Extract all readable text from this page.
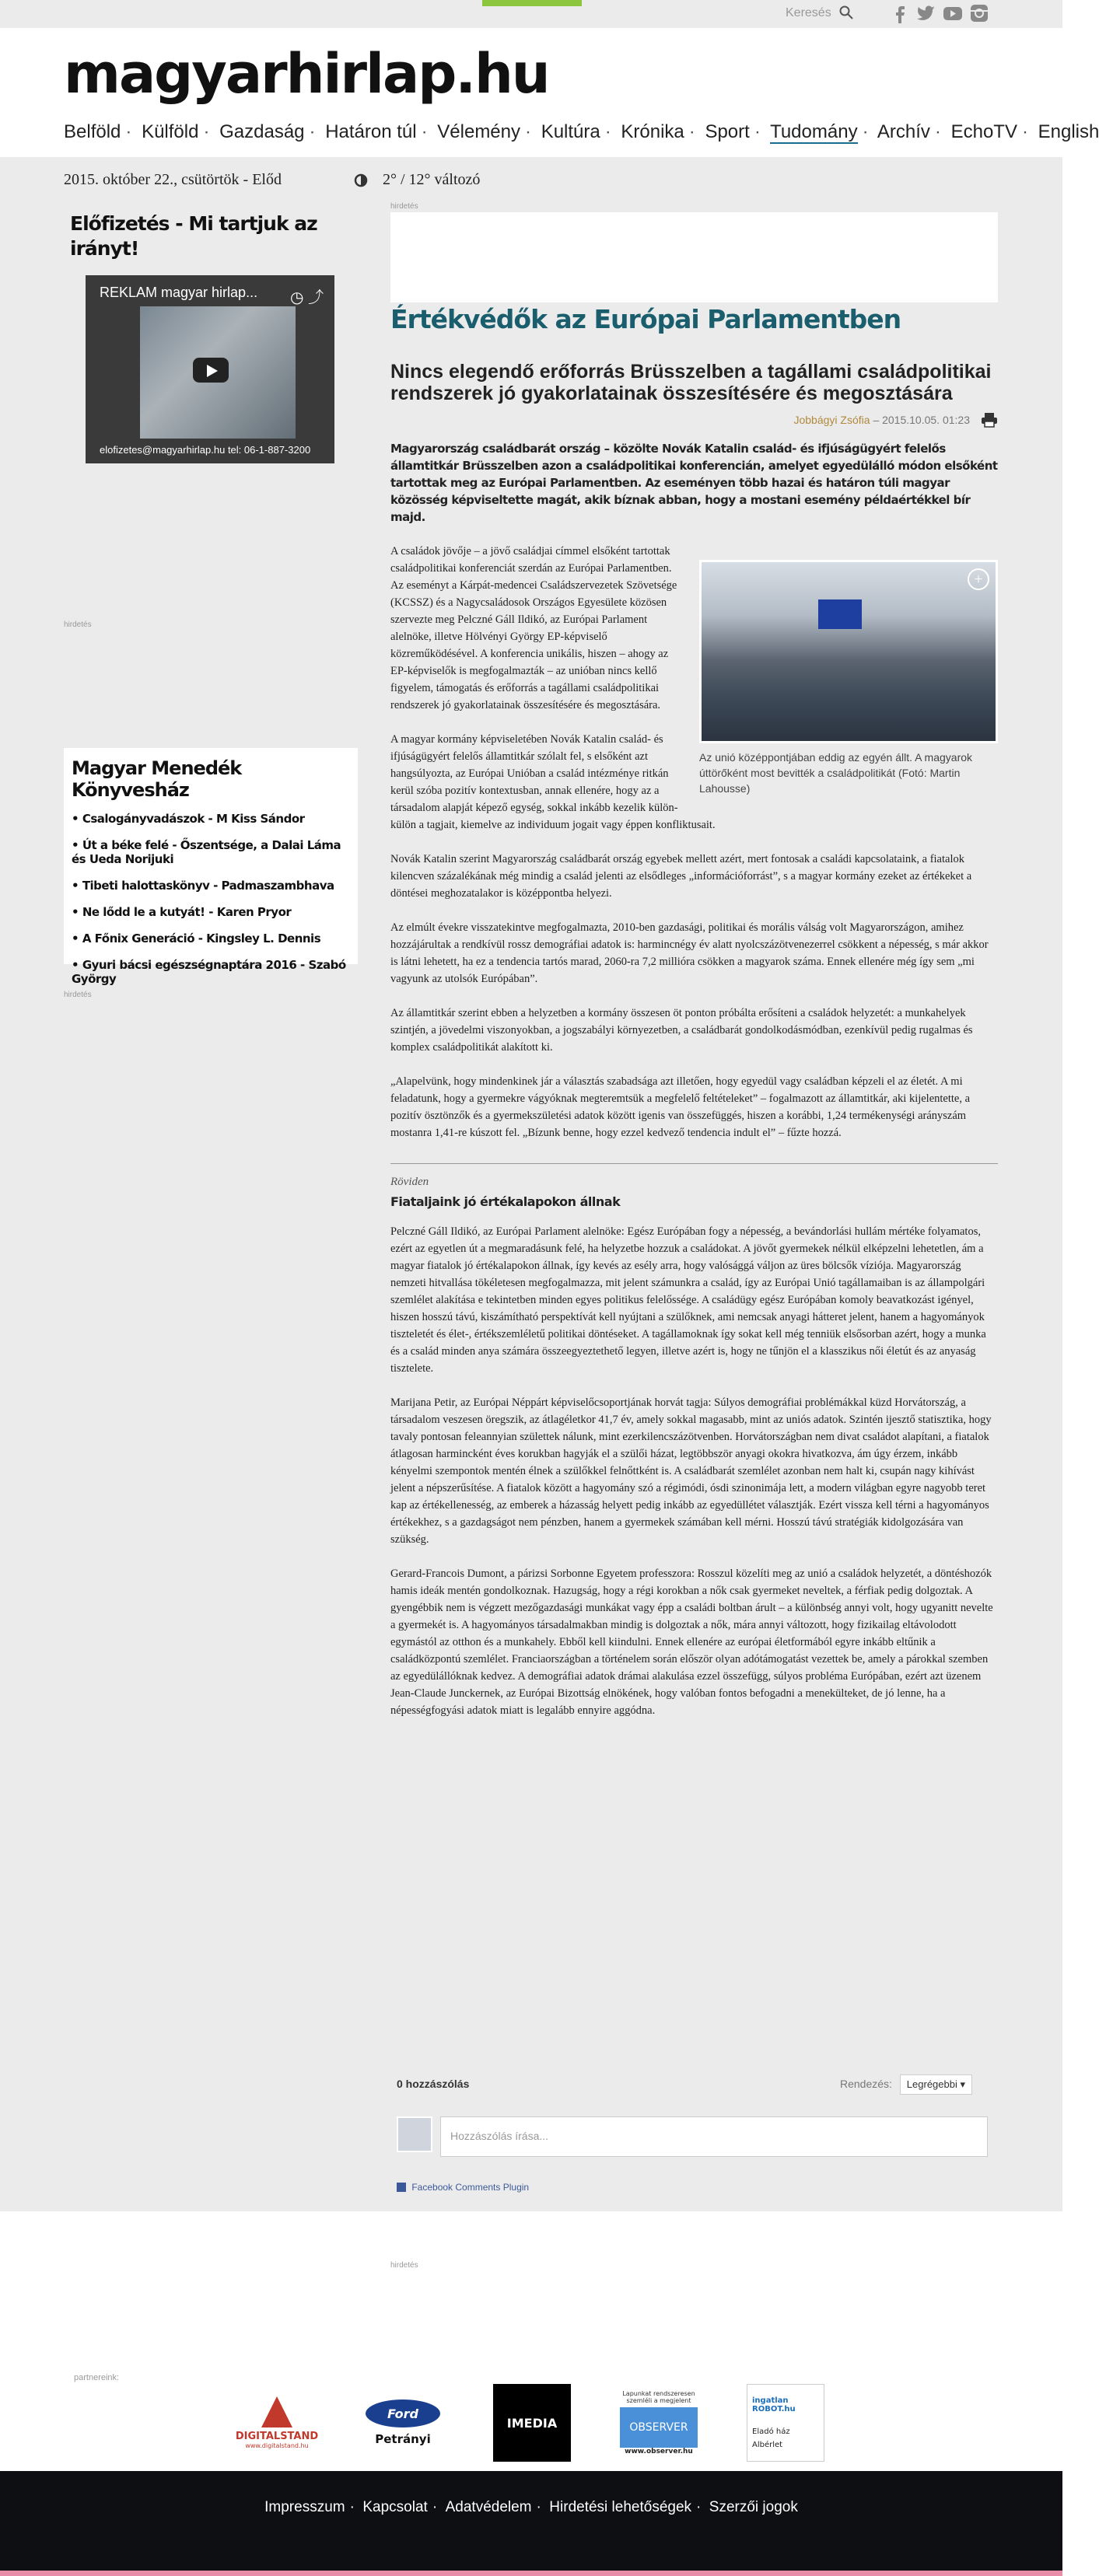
Keresés
magyarhirlap.hu
Belföld · Külföld · Gazdaság · Határon túl · Vélemény · Kultúra · Krónika · Sport · Tudomány · Archív · EchoTV · English
2015. október 22., csütörtök - Előd	2° / 12° változó
Előfizetés - Mi tartjuk az irányt!
REKLAM magyar hirlap... ◷ ⤴
elofizetes@magyarhirlap.hu tel: 06-1-887-3200
hirdetés
Magyar Menedék Könyvesház
• Csalogányvadászok - M Kiss Sándor
• Út a béke felé - Őszentsége, a Dalai Láma és Ueda Norijuki
• Tibeti halottaskönyv - Padmaszambhava
• Ne lődd le a kutyát! - Karen Pryor
• A Főnix Generáció - Kingsley L. Dennis
• Gyuri bácsi egészségnaptára 2016 - Szabó György
hirdetés
hirdetés
Értékvédők az Európai Parlamentben
Nincs elegendő erőforrás Brüsszelben a tagállami családpolitikai rendszerek jó gyakorlatainak összesítésére és megosztására
Jobbágyi Zsófia – 2015.10.05. 01:23

Magyarország családbarát ország – közölte Novák Katalin család- és ifjúságügyért felelős államtitkár Brüsszelben azon a családpolitikai konferencián, amelyet egyedülálló módon elsőként tartottak meg az Európai Parlamentben. Az eseményen több hazai és határon túli magyar közösség képviseltette magát, akik bíznak abban, hogy a mostani esemény példaértékkel bír majd.

+
Az unió középpontjában eddig az egyén állt. A magyarok úttörőként most bevitték a családpolitikát (Fotó: Martin Lahousse)

A családok jövője – a jövő családjai címmel elsőként tartottak családpolitikai konferenciát szerdán az Európai Parlamentben. Az eseményt a Kárpát-medencei Családszervezetek Szövetsége (KCSSZ) és a Nagycsaládosok Országos Egyesülete közösen szervezte meg Pelczné Gáll Ildikó, az Európai Parlament alelnöke, illetve Hölvényi György EP-képviselő közreműködésével. A konferencia unikális, hiszen – ahogy az EP-képviselők is megfogalmazták – az unióban nincs kellő figyelem, támogatás és erőforrás a tagállami családpolitikai rendszerek jó gyakorlatainak összesítésére és megosztására.

A magyar kormány képviseletében Novák Katalin család- és ifjúságügyért felelős államtitkár szólalt fel, s elsőként azt hangsúlyozta, az Európai Unióban a család intézménye ritkán kerül szóba pozitív kontextusban, annak ellenére, hogy az a társadalom alapját képező egység, sokkal inkább kezelik külön-külön a tagjait, kiemelve az individuum jogait vagy éppen konfliktusait.

Novák Katalin szerint Magyarország családbarát ország egyebek mellett azért, mert fontosak a családi kapcsolataink, a fiatalok kilencven százalékának még mindig a család jelenti az elsődleges „információforrást”, s a magyar kormány ezeket az értékeket a döntései meghozatalakor is középpontba helyezi.

Az elmúlt évekre visszatekintve megfogalmazta, 2010-ben gazdasági, politikai és morális válság volt Magyarországon, amihez hozzájárultak a rendkívül rossz demográfiai adatok is: harmincnégy év alatt nyolcszázötvenezerrel csökkent a népesség, s már akkor is látni lehetett, ha ez a tendencia tartós marad, 2060-ra 7,2 millióra csökken a magyarok száma. Ennek ellenére még így sem „mi vagyunk az utolsók Európában”.

Az államtitkár szerint ebben a helyzetben a kormány összesen öt ponton próbálta erősíteni a családok helyzetét: a munkahelyek szintjén, a jövedelmi viszonyokban, a jogszabályi környezetben, a családbarát gondolkodásmódban, ezenkívül pedig rugalmas és komplex családpolitikát alakított ki.

„Alapelvünk, hogy mindenkinek jár a választás szabadsága azt illetően, hogy egyedül vagy családban képzeli el az életét. A mi feladatunk, hogy a gyermekre vágyóknak megteremtsük a megfelelő feltételeket” – fogalmazott az államtitkár, aki kijelentette, a pozitív ösztönzők és a gyermekszületési adatok között igenis van összefüggés, hiszen a korábbi, 1,24 termékenységi arányszám mostanra 1,41-re kúszott fel. „Bízunk benne, hogy ezzel kedvező tendencia indult el” – fűzte hozzá.

Röviden
Fiataljaink jó értékalapokon állnak

Pelczné Gáll Ildikó, az Európai Parlament alelnöke: Egész Európában fogy a népesség, a bevándorlási hullám mértéke folyamatos, ezért az egyetlen út a megmaradásunk felé, ha helyzetbe hozzuk a családokat. A jövőt gyermekek nélkül elképzelni lehetetlen, ám a magyar fiatalok jó értékalapokon állnak, így kevés az esély arra, hogy valósággá váljon az üres bölcsők víziója. Magyarország nemzeti hitvallása tökéletesen megfogalmazza, mit jelent számunkra a család, így az Európai Unió tagállamaiban is az állampolgári szemlélet alakítása e tekintetben minden egyes politikus felelőssége. A családügy egész Európában komoly beavatkozást igényel, hiszen hosszú távú, kiszámítható perspektívát kell nyújtani a szülőknek, ami nemcsak anyagi hátteret jelent, hanem a hagyományok tiszteletét és élet-, értékszemléletű politikai döntéseket. A tagállamoknak így sokat kell még tenniük elsősorban azért, hogy a munka és a család minden anya számára összeegyeztethető legyen, illetve azért is, hogy ne tűnjön el a klasszikus női életút és az anyaság tisztelete.

Marijana Petir, az Európai Néppárt képviselőcsoportjának horvát tagja: Súlyos demográfiai problémákkal küzd Horvátország, a társadalom veszesen öregszik, az átlagéletkor 41,7 év, amely sokkal magasabb, mint az uniós adatok. Szintén ijesztő statisztika, hogy tavaly pontosan feleannyian születtek nálunk, mint ezerkilencszázötvenben. Horvátországban nem divat családot alapítani, a fiatalok átlagosan harmincként éves korukban hagyják el a szülői házat, legtöbbször anyagi okokra hivatkozva, ám úgy érzem, inkább kényelmi szempontok mentén élnek a szülőkkel felnőttként is. A családbarát szemlélet azonban nem halt ki, csupán nagy kihívást jelent a népszerűsítése. A fiatalok között a hagyomány szó a régimódi, ósdi szinonimája lett, a modern világban egyre nagyobb teret kap az értékellenesség, az emberek a házasság helyett pedig inkább az egyedüllétet választják. Ezért vissza kell térni a hagyományos értékekhez, s a gazdagságot nem pénzben, hanem a gyermekek számában kell mérni. Hosszú távú stratégiák kidolgozására van szükség.

Gerard-Francois Dumont, a párizsi Sorbonne Egyetem professzora: Rosszul közelíti meg az unió a családok helyzetét, a döntéshozók hamis ideák mentén gondolkoznak. Hazugság, hogy a régi korokban a nők csak gyermeket neveltek, a férfiak pedig dolgoztak. A gyengébbik nem is végzett mezőgazdasági munkákat vagy épp a családi boltban árult – a különbség annyi volt, hogy ugyanitt nevelte a gyermekét is. A hagyományos társadalmakban mindig is dolgoztak a nők, mára annyi változott, hogy fizikailag eltávolodott egymástól az otthon és a munkahely. Ebből kell kiindulni. Ennek ellenére az európai életformából egyre inkább eltűnik a családközpontú szemlélet. Franciaországban a történelem során először olyan adótámogatást vezettek be, amely a párokkal szemben az egyedülállóknak kedvez. A demográfiai adatok drámai alakulása ezzel összefügg, súlyos probléma Európában, ezért azt üzenem Jean-Claude Junckernek, az Európai Bizottság elnökének, hogy valóban fontos befogadni a menekülteket, de jó lenne, ha a népességfogyási adatok miatt is legalább ennyire aggódna.

0 hozzászólás	Rendezés: Legrégebbi ▾
Hozzászólás írása...
Facebook Comments Plugin
hirdetés
partnereink:
DIGITALSTAND
www.digitalstand.hu
Ford
Petrányi
IMEDIA
Lapunkat rendszeresen szemléli a megjelent
OBSERVER
www.observer.hu
ingatlan ROBOT.hu
Eladó ház
Albérlet
Impresszum · Kapcsolat · Adatvédelem · Hirdetési lehetőségek · Szerzői jogok
